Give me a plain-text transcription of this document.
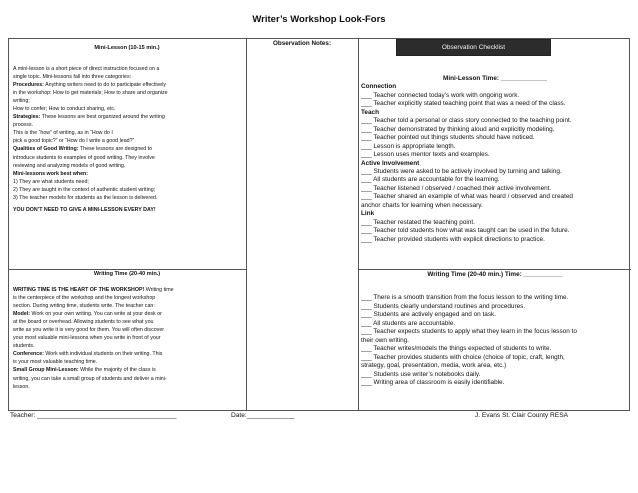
Writer’s Workshop Look-Fors
Mini-Lesson (10-15 min.)

A mini-lesson is a short piece of direct instruction focused on a

single topic. Mini-lessons fall into three categories:

Procedures: Anything writers need to do to participate effectively

in the workshop: How to get materials; How to share and organize

writing;

How to confer; How to conduct sharing, etc.

Strategies: These lessons are best organized around the writing

process.

This is the “how” of writing, as in “How do I

pick a good topic?” or “How do I write a good lead?”

Qualities of Good Writing: These lessons are designed to

introduce students to examples of good writing. They involve

reviewing and analyzing models of good writing.

Mini-lessons work best when:

1) They are what students need;

2) They are taught in the context of authentic student writing;

3) The teacher models for students as the lesson is delivered.

YOU DON’T NEED TO GIVE A MINI-LESSON EVERY DAY!

Writing Time (20-40 min.)

WRITING TIME IS THE HEART OF THE WORKSHOP! Writing time

is the centerpiece of the workshop and the longest workshop

section. During writing time, students write. The teacher can:

Model: Work on your own writing. You can write at your desk or

at the board or overhead. Allowing students to see what you

write as you write it is very good for them. You will often discover

your most valuable mini-lessons when you write in front of your

students.

Conference: Work with individual students on their writing. This

is your most valuable teaching time.

Small Group Mini-Lesson: While the majority of the class is

writing, you can take a small group of students and deliver a mini-

lesson.

Observation Notes:

Mini-Lesson Time: _____________

Connection

___ Teacher connected today’s work with ongoing work.

___ Teacher explicitly stated teaching point that was a need of the class.

Teach

___ Teacher told a personal or class story connected to the teaching point.

___ Teacher demonstrated by thinking aloud and explicitly modeling.

___ Teacher pointed out things students should have noticed.

___ Lesson is appropriate length.

___ Lesson uses mentor texts and examples.

Active Involvement

___ Students were asked to be actively involved by turning and talking.

___ All students are accountable for the learning.

___ Teacher listened / observed / coached their active involvement.

___ Teacher shared an example of what was heard / observed and created

anchor charts for learning when necessary.

Link

___ Teacher restated the teaching point.

___ Teacher told students how what was taught can be used in the future.

___ Teacher provided students with explicit directions to practice.

Writing Time (20-40 min.) Time: ___________

___ There is a smooth transition from the focus lesson to the writing time.

___ Students clearly understand routines and procedures.

___ Students are actively engaged and on task.

___ All students are accountable.

___ Teacher expects students to apply what they learn in the focus lesson to

their own writing.

___ Teacher writes/models the things expected of students to write.

___ Teacher provides students with choice (choice of topic, craft, length,

strategy, goal, presentation, media, work area, etc.)

___ Students use writer’s notebooks daily.

___ Writing area of classroom is easily identifiable.

Observation Checklist
Teacher: ______________________________________	Date:_____________	J. Evans St. Clair County RESA
